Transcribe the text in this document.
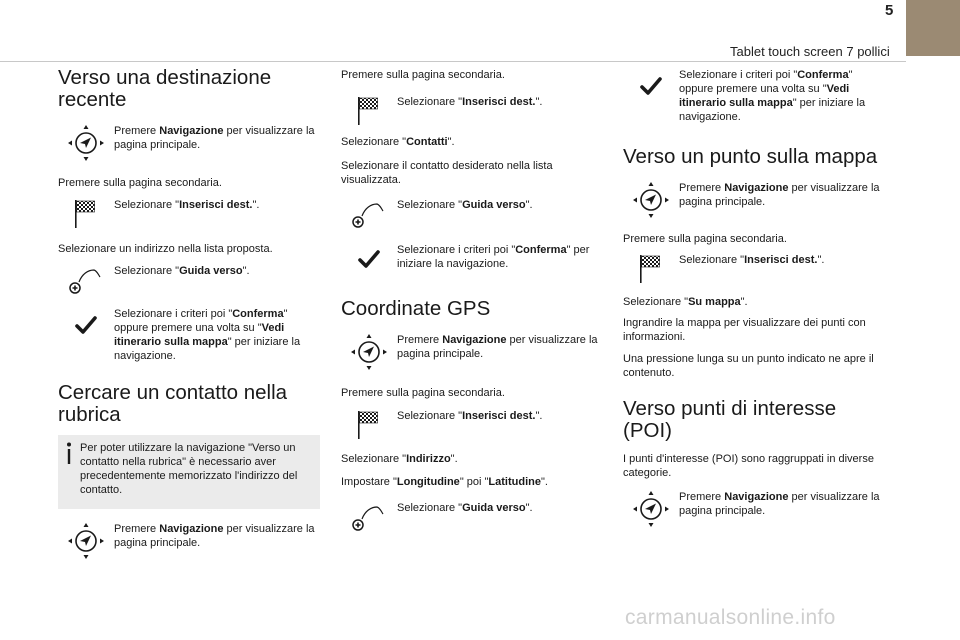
5
Tablet touch screen 7 pollici
Verso una destinazione recente
Premere Navigazione per visualizzare la pagina principale.
Premere sulla pagina secondaria.
Selezionare "Inserisci dest.".
Selezionare un indirizzo nella lista proposta.
Selezionare "Guida verso".
Selezionare i criteri poi "Conferma" oppure premere una volta su "Vedi itinerario sulla mappa" per iniziare la navigazione.
Cercare un contatto nella rubrica
Per poter utilizzare la navigazione "Verso un contatto nella rubrica" è necessario aver precedentemente memorizzato l'indirizzo del contatto.
Premere Navigazione per visualizzare la pagina principale.
Premere sulla pagina secondaria.
Selezionare "Inserisci dest.".
Selezionare "Contatti".
Selezionare il contatto desiderato nella lista visualizzata.
Selezionare "Guida verso".
Selezionare i criteri poi "Conferma" per iniziare la navigazione.
Coordinate GPS
Premere Navigazione per visualizzare la pagina principale.
Premere sulla pagina secondaria.
Selezionare "Inserisci dest.".
Selezionare "Indirizzo".
Impostare "Longitudine" poi "Latitudine".
Selezionare "Guida verso".
Selezionare i criteri poi "Conferma" oppure premere una volta su "Vedi itinerario sulla mappa" per iniziare la navigazione.
Verso un punto sulla mappa
Premere Navigazione per visualizzare la pagina principale.
Premere sulla pagina secondaria.
Selezionare "Inserisci dest.".
Selezionare "Su mappa".
Ingrandire la mappa per visualizzare dei punti con informazioni.
Una pressione lunga su un punto indicato ne apre il contenuto.
Verso punti di interesse (POI)
I punti d'interesse (POI) sono raggruppati in diverse categorie.
Premere Navigazione per visualizzare la pagina principale.
carmanualsonline.info
